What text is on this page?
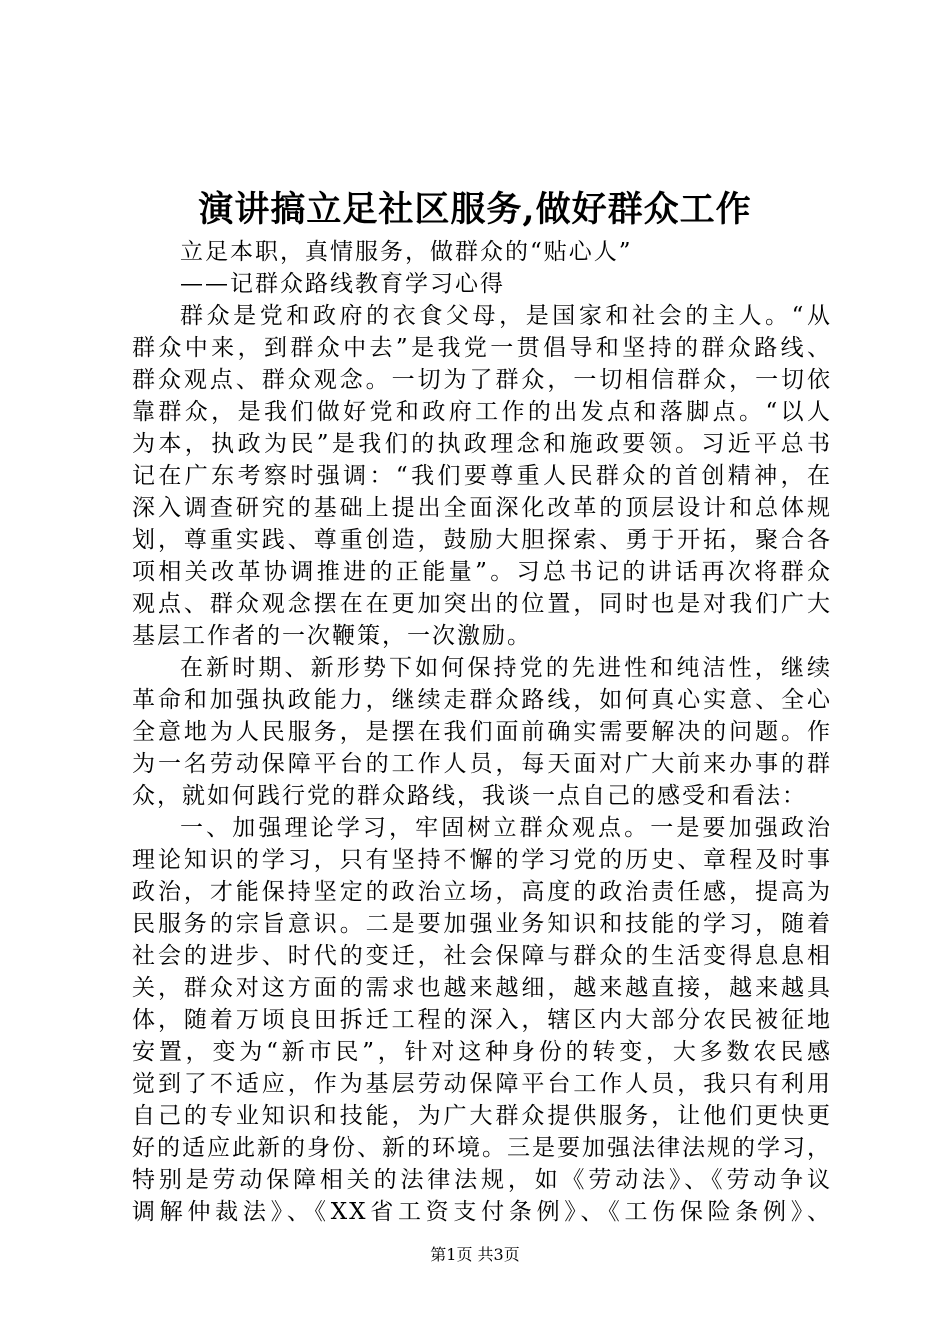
演讲搞立足社区服务,做好群众工作
立足本职，真情服务，做群众的“贴心人”
——记群众路线教育学习心得
群众是党和政府的衣食父母，是国家和社会的主人。“从
群众中来，到群众中去”是我党一贯倡导和坚持的群众路线、
群众观点、群众观念。一切为了群众，一切相信群众，一切依
靠群众，是我们做好党和政府工作的出发点和落脚点。“以人
为本，执政为民”是我们的执政理念和施政要领。习近平总书
记在广东考察时强调：“我们要尊重人民群众的首创精神，在
深入调查研究的基础上提出全面深化改革的顶层设计和总体规
划，尊重实践、尊重创造，鼓励大胆探索、勇于开拓，聚合各
项相关改革协调推进的正能量”。习总书记的讲话再次将群众
观点、群众观念摆在在更加突出的位置，同时也是对我们广大
基层工作者的一次鞭策，一次激励。
在新时期、新形势下如何保持党的先进性和纯洁性，继续
革命和加强执政能力，继续走群众路线，如何真心实意、全心
全意地为人民服务，是摆在我们面前确实需要解决的问题。作
为一名劳动保障平台的工作人员，每天面对广大前来办事的群
众，就如何践行党的群众路线，我谈一点自己的感受和看法：
一、加强理论学习，牢固树立群众观点。一是要加强政治
理论知识的学习，只有坚持不懈的学习党的历史、章程及时事
政治，才能保持坚定的政治立场，高度的政治责任感，提高为
民服务的宗旨意识。二是要加强业务知识和技能的学习，随着
社会的进步、时代的变迁，社会保障与群众的生活变得息息相
关，群众对这方面的需求也越来越细，越来越直接，越来越具
体，随着万顷良田拆迁工程的深入，辖区内大部分农民被征地
安置，变为“新市民”，针对这种身份的转变，大多数农民感
觉到了不适应，作为基层劳动保障平台工作人员，我只有利用
自己的专业知识和技能，为广大群众提供服务，让他们更快更
好的适应此新的身份、新的环境。三是要加强法律法规的学习，
特别是劳动保障相关的法律法规，如《劳动法》、《劳动争议
调解仲裁法》、《XX省工资支付条例》、《工伤保险条例》、
第1页 共3页
